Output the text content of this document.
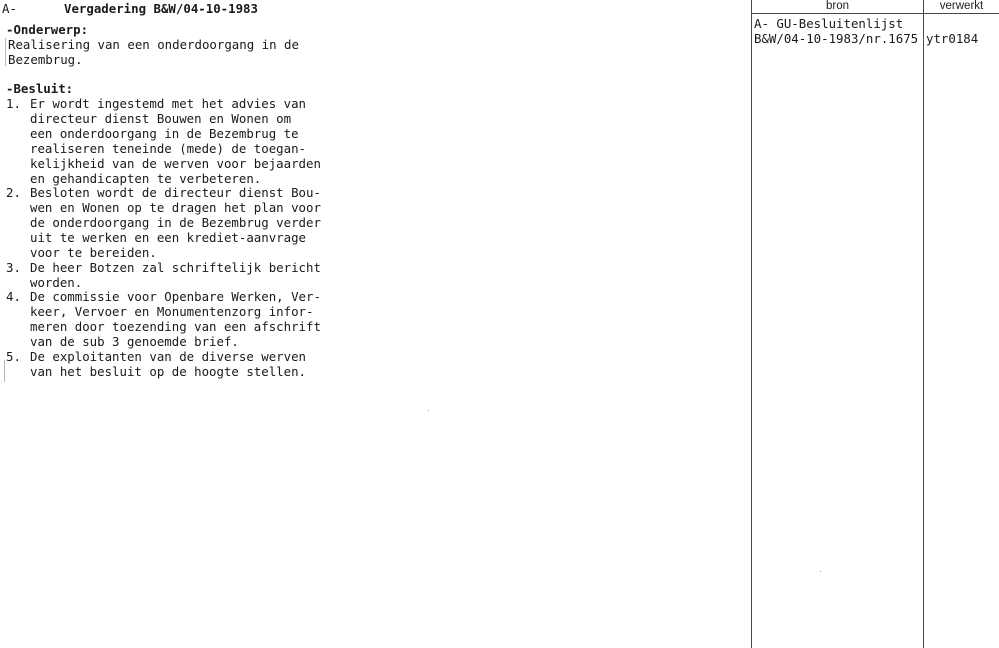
A-	Vergadering B&W/04-10-1983
-Onderwerp:
Realisering van een onderdoorgang in de
Bezembrug.
-Besluit:
1. Er wordt ingestemd met het advies van
directeur dienst Bouwen en Wonen om
een onderdoorgang in de Bezembrug te
realiseren teneinde (mede) de toegan-
kelijkheid van de werven voor bejaarden
en gehandicapten te verbeteren.
2. Besloten wordt de directeur dienst Bou-
wen en Wonen op te dragen het plan voor
de onderdoorgang in de Bezembrug verder
uit te werken en een krediet-aanvrage
voor te bereiden.
3. De heer Botzen zal schriftelijk bericht
worden.
4. De commissie voor Openbare Werken, Ver-
keer, Vervoer en Monumentenzorg infor-
meren door toezending van een afschrift
van de sub 3 genoemde brief.
5. De exploitanten van de diverse werven
van het besluit op de hoogte stellen.
bron	verwerkt
A- GU-Besluitenlijst
B&W/04-10-1983/nr.1675 ytr0184
